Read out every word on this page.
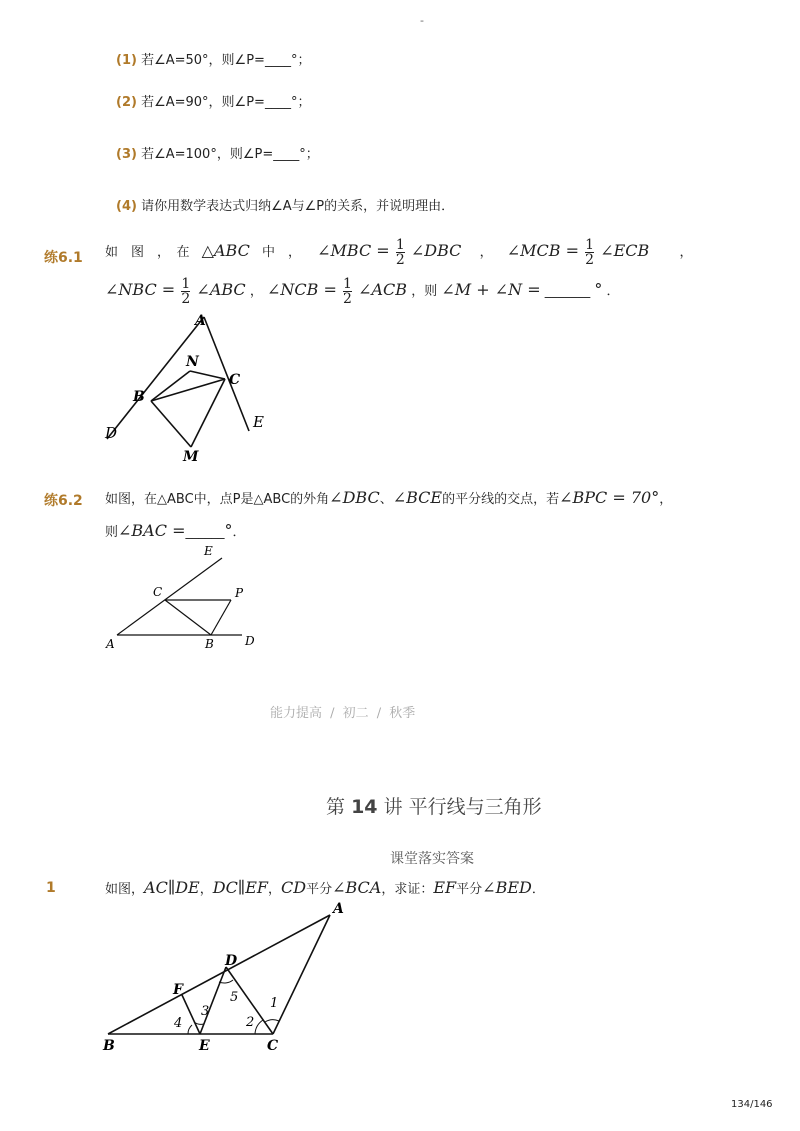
-
(1) 若∠A=50°，则∠P=____°；
(2) 若∠A=90°，则∠P=____°；
(3) 若∠A=100°，则∠P=____°；
(4) 请你用数学表达式归纳∠A与∠P的关系，并说明理由．
练6.1 如　图　，　在 △ABC 中　， ∠MBC = $\frac{1}{2}$ ∠DBC ， ∠MCB = $\frac{1}{2}$ ∠ECB ，
∠NBC = $\frac{1}{2}$ ∠ABC ， ∠NCB = $\frac{1}{2}$ ∠ACB ，则 ∠M + ∠N = _______ ° ．
A
N
B
C
D
E
M
练6.2 如图，在△ABC中，点P是△ABC的外角∠DBC、∠BCE的平分线的交点，若∠BPC = 70°，
则∠BAC =______°．
E
C	P
A	B	D
能力提高 / 初二 / 秋季
第 14 讲 平行线与三角形
课堂落实答案
1	如图，AC∥DE，DC∥EF，CD平分∠BCA，求证：EF平分∠BED．
A
D
F
B	E	C
1
2
3
4
5
134/146
